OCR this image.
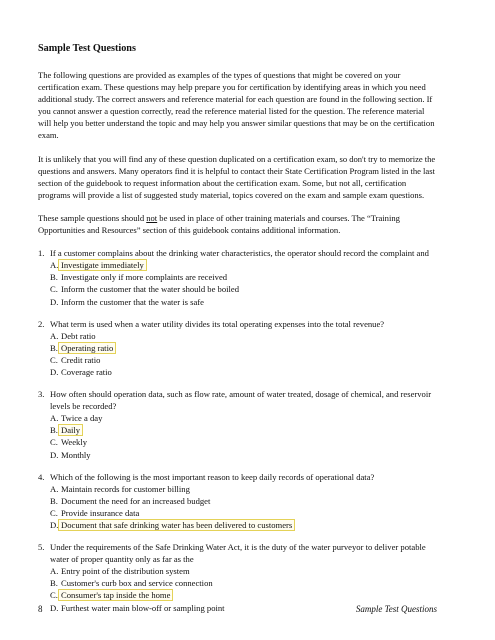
Sample Test Questions

The following questions are provided as examples of the types of questions that might be covered on your certification exam. These questions may help prepare you for certification by identifying areas in which you need additional study. The correct answers and reference material for each question are found in the following section. If you cannot answer a question correctly, read the reference material listed for the question. The reference material will help you better understand the topic and may help you answer similar questions that may be on the certification exam.

It is unlikely that you will find any of these question duplicated on a certification exam, so don't try to memorize the questions and answers. Many operators find it is helpful to contact their State Certification Program listed in the last section of the guidebook to request information about the certification exam. Some, but not all, certification programs will provide a list of suggested study material, topics covered on the exam and sample exam questions.

These sample questions should not be used in place of other training materials and courses. The “Training Opportunities and Resources” section of this guidebook contains additional information.

1. If a customer complains about the drinking water characteristics, the operator should record the complaint and
A. Investigate immediately
B. Investigate only if more complaints are received
C. Inform the customer that the water should be boiled
D. Inform the customer that the water is safe
2. What term is used when a water utility divides its total operating expenses into the total revenue?
A. Debt ratio
B. Operating ratio
C. Credit ratio
D. Coverage ratio
3. How often should operation data, such as flow rate, amount of water treated, dosage of chemical, and reservoir levels be recorded?
A. Twice a day
B. Daily
C. Weekly
D. Monthly
4. Which of the following is the most important reason to keep daily records of operational data?
A. Maintain records for customer billing
B. Document the need for an increased budget
C. Provide insurance data
D. Document that safe drinking water has been delivered to customers
5. Under the requirements of the Safe Drinking Water Act, it is the duty of the water purveyor to deliver potable water of proper quantity only as far as the
A. Entry point of the distribution system
B. Customer's curb box and service connection
C. Consumer's tap inside the home
D. Furthest water main blow-off or sampling point
8	Sample Test Questions
